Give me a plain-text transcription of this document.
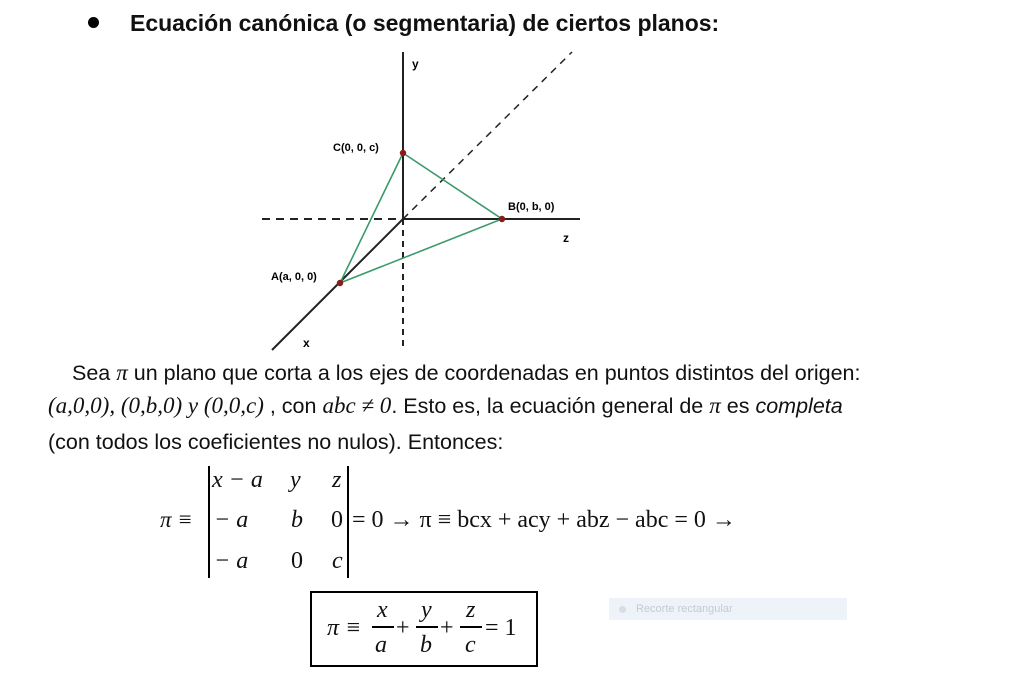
Ecuación canónica (o segmentaria) de ciertos planos:
y
z
x
C(0, 0, c)
B(0, b, 0)
A(a, 0, 0)
Sea π un plano que corta a los ejes de coordenadas en puntos distintos del origen:
(a,0,0), (0,b,0) y (0,0,c) , con abc ≠ 0. Esto es, la ecuación general de π es completa
(con todos los coeficientes no nulos). Entonces:
π ≡
x − a y z
− a b 0
− a 0 c
= 0 → π ≡ bcx + acy + abz − abc = 0 →
π ≡
x
a
+
y
b
+
z
c
= 1
Recorte rectangular
